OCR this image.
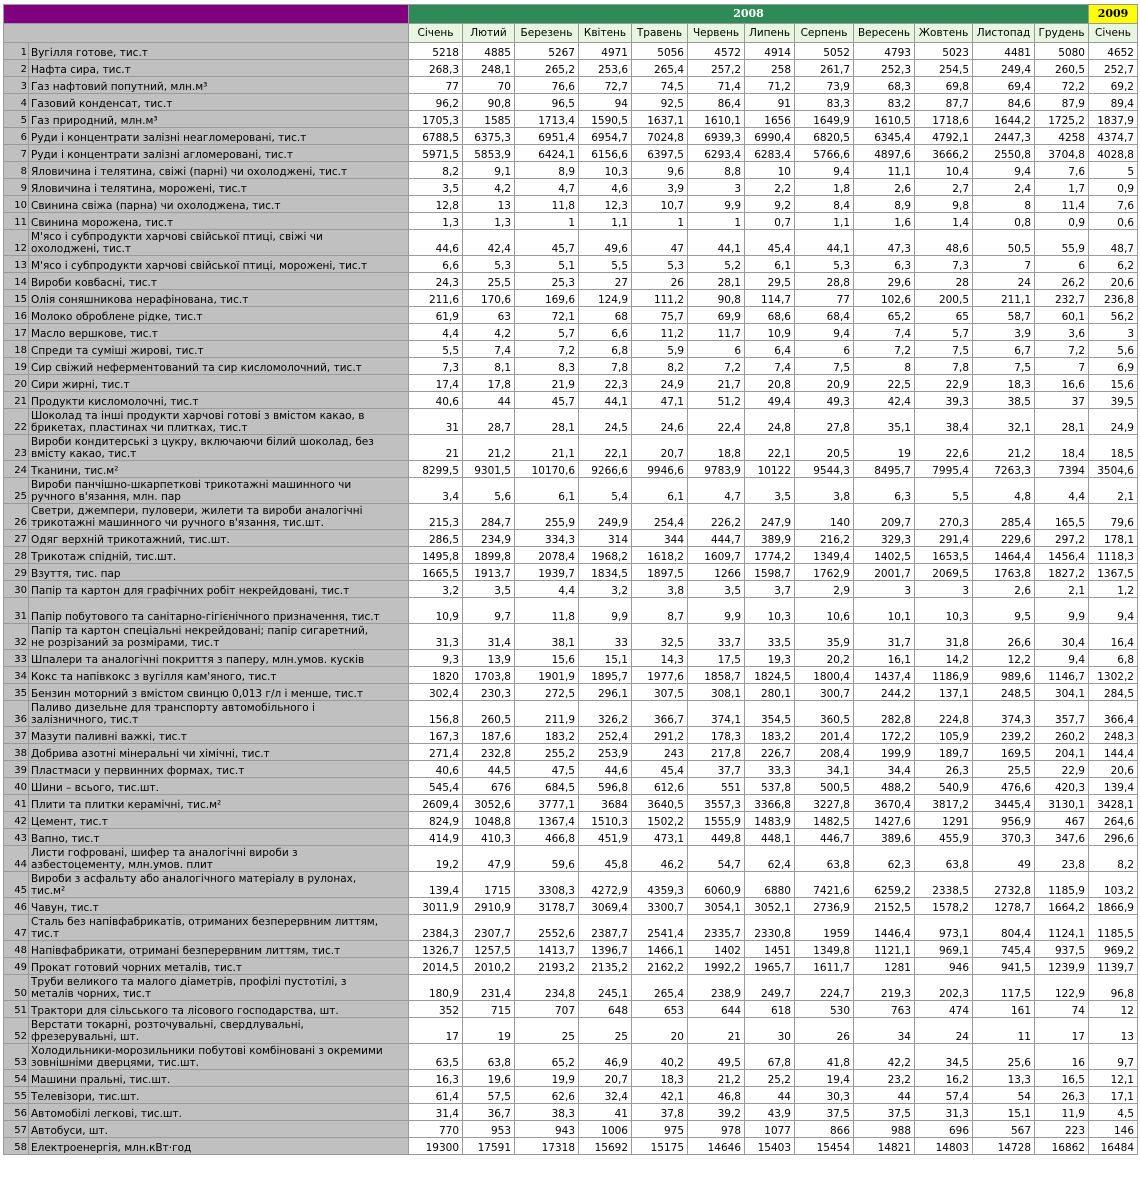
		2008												2009
		Січень	Лютий	Березень	Квітень	Травень	Червень	Липень	Серпень	Вересень	Жовтень	Листопад	Грудень	Січень
1	Вугілля готове, тис.т	5218	4885	5267	4971	5056	4572	4914	5052	4793	5023	4481	5080	4652
2	Нафта сира, тис.т	268,3	248,1	265,2	253,6	265,4	257,2	258	261,7	252,3	254,5	249,4	260,5	252,7
3	Газ нафтовий попутний, млн.м³	77	70	76,6	72,7	74,5	71,4	71,2	73,9	68,3	69,8	69,4	72,2	69,2
4	Газовий конденсат, тис.т	96,2	90,8	96,5	94	92,5	86,4	91	83,3	83,2	87,7	84,6	87,9	89,4
5	Газ природний, млн.м³	1705,3	1585	1713,4	1590,5	1637,1	1610,1	1656	1649,9	1610,5	1718,6	1644,2	1725,2	1837,9
6	Руди і концентрати залізні неагломеровані, тис.т	6788,5	6375,3	6951,4	6954,7	7024,8	6939,3	6990,4	6820,5	6345,4	4792,1	2447,3	4258	4374,7
7	Руди і концентрати залізні агломеровані, тис.т	5971,5	5853,9	6424,1	6156,6	6397,5	6293,4	6283,4	5766,6	4897,6	3666,2	2550,8	3704,8	4028,8
8	Яловичина і телятина, свіжі (парні) чи охолоджені, тис.т	8,2	9,1	8,9	10,3	9,6	8,8	10	9,4	11,1	10,4	9,4	7,6	5
9	Яловичина і телятина, морожені, тис.т	3,5	4,2	4,7	4,6	3,9	3	2,2	1,8	2,6	2,7	2,4	1,7	0,9
10	Свинина свіжа (парна) чи охолоджена, тис.т	12,8	13	11,8	12,3	10,7	9,9	9,2	8,4	8,9	9,8	8	11,4	7,6
11	Свинина морожена, тис.т	1,3	1,3	1	1,1	1	1	0,7	1,1	1,6	1,4	0,8	0,9	0,6
12	М'ясо і субпродукти харчові свійської птиці, свіжі чи
охолоджені, тис.т	44,6	42,4	45,7	49,6	47	44,1	45,4	44,1	47,3	48,6	50,5	55,9	48,7
13	М'ясо і субпродукти харчові свійської птиці, морожені, тис.т	6,6	5,3	5,1	5,5	5,3	5,2	6,1	5,3	6,3	7,3	7	6	6,2
14	Вироби ковбасні, тис.т	24,3	25,5	25,3	27	26	28,1	29,5	28,8	29,6	28	24	26,2	20,6
15	Олія соняшникова нерафінована, тис.т	211,6	170,6	169,6	124,9	111,2	90,8	114,7	77	102,6	200,5	211,1	232,7	236,8
16	Молоко оброблене рідке, тис.т	61,9	63	72,1	68	75,7	69,9	68,6	68,4	65,2	65	58,7	60,1	56,2
17	Масло вершкове, тис.т	4,4	4,2	5,7	6,6	11,2	11,7	10,9	9,4	7,4	5,7	3,9	3,6	3
18	Спреди та суміші жирові, тис.т	5,5	7,4	7,2	6,8	5,9	6	6,4	6	7,2	7,5	6,7	7,2	5,6
19	Сир свіжий неферментований та сир кисломолочний, тис.т	7,3	8,1	8,3	7,8	8,2	7,2	7,4	7,5	8	7,8	7,5	7	6,9
20	Сири жирні, тис.т	17,4	17,8	21,9	22,3	24,9	21,7	20,8	20,9	22,5	22,9	18,3	16,6	15,6
21	Продукти кисломолочні, тис.т	40,6	44	45,7	44,1	47,1	51,2	49,4	49,3	42,4	39,3	38,5	37	39,5
22	Шоколад та інші продукти харчові готові з вмістом какао, в
брикетах, пластинах чи плитках, тис.т	31	28,7	28,1	24,5	24,6	22,4	24,8	27,8	35,1	38,4	32,1	28,1	24,9
23	Вироби кондитерські з цукру, включаючи білий шоколад, без
вмісту какао, тис.т	21	21,2	21,1	22,1	20,7	18,8	22,1	20,5	19	22,6	21,2	18,4	18,5
24	Тканини, тис.м²	8299,5	9301,5	10170,6	9266,6	9946,6	9783,9	10122	9544,3	8495,7	7995,4	7263,3	7394	3504,6
25	Вироби панчішно-шкарпеткові трикотажні машинного чи
ручного в'язання, млн. пар	3,4	5,6	6,1	5,4	6,1	4,7	3,5	3,8	6,3	5,5	4,8	4,4	2,1
26	Светри, джемпери, пуловери, жилети та вироби аналогічні
трикотажні машинного чи ручного в'язання, тис.шт.	215,3	284,7	255,9	249,9	254,4	226,2	247,9	140	209,7	270,3	285,4	165,5	79,6
27	Одяг верхній трикотажний, тис.шт.	286,5	234,9	334,3	314	344	444,7	389,9	216,2	329,3	291,4	229,6	297,2	178,1
28	Трикотаж спідній, тис.шт.	1495,8	1899,8	2078,4	1968,2	1618,2	1609,7	1774,2	1349,4	1402,5	1653,5	1464,4	1456,4	1118,3
29	Взуття, тис. пар	1665,5	1913,7	1939,7	1834,5	1897,5	1266	1598,7	1762,9	2001,7	2069,5	1763,8	1827,2	1367,5
30	Папір та картон для графічних робіт некрейдовані, тис.т	3,2	3,5	4,4	3,2	3,8	3,5	3,7	2,9	3	3	2,6	2,1	1,2
31	Папір побутового та санітарно-гігієнічного призначення, тис.т	10,9	9,7	11,8	9,9	8,7	9,9	10,3	10,6	10,1	10,3	9,5	9,9	9,4
32	Папір та картон спеціальні некрейдовані; папір сигаретний,
не розрізаний за розмірами, тис.т	31,3	31,4	38,1	33	32,5	33,7	33,5	35,9	31,7	31,8	26,6	30,4	16,4
33	Шпалери та аналогічні покриття з паперу, млн.умов. кусків	9,3	13,9	15,6	15,1	14,3	17,5	19,3	20,2	16,1	14,2	12,2	9,4	6,8
34	Кокс та напівкокс з вугілля кам'яного, тис.т	1820	1703,8	1901,9	1895,7	1977,6	1858,7	1824,5	1800,4	1437,4	1186,9	989,6	1146,7	1302,2
35	Бензин моторний з вмістом свинцю 0,013 г/л і менше, тис.т	302,4	230,3	272,5	296,1	307,5	308,1	280,1	300,7	244,2	137,1	248,5	304,1	284,5
36	Паливо дизельне для транспорту автомобільного і
залізничного, тис.т	156,8	260,5	211,9	326,2	366,7	374,1	354,5	360,5	282,8	224,8	374,3	357,7	366,4
37	Мазути паливні важкі, тис.т	167,3	187,6	183,2	252,4	291,2	178,3	183,2	201,4	172,2	105,9	239,2	260,2	248,3
38	Добрива азотні мінеральні чи хімічні, тис.т	271,4	232,8	255,2	253,9	243	217,8	226,7	208,4	199,9	189,7	169,5	204,1	144,4
39	Пластмаси у первинних формах, тис.т	40,6	44,5	47,5	44,6	45,4	37,7	33,3	34,1	34,4	26,3	25,5	22,9	20,6
40	Шини – всього, тис.шт.	545,4	676	684,5	596,8	612,6	551	537,8	500,5	488,2	540,9	476,6	420,3	139,4
41	Плити та плитки керамічні, тис.м²	2609,4	3052,6	3777,1	3684	3640,5	3557,3	3366,8	3227,8	3670,4	3817,2	3445,4	3130,1	3428,1
42	Цемент, тис.т	824,9	1048,8	1367,4	1510,3	1502,2	1555,9	1483,9	1482,5	1427,6	1291	956,9	467	264,6
43	Вапно, тис.т	414,9	410,3	466,8	451,9	473,1	449,8	448,1	446,7	389,6	455,9	370,3	347,6	296,6
44	Листи гофровані, шифер та аналогічні вироби з
азбестоцементу, млн.умов. плит	19,2	47,9	59,6	45,8	46,2	54,7	62,4	63,8	62,3	63,8	49	23,8	8,2
45	Вироби з асфальту або аналогічного матеріалу в рулонах,
тис.м²	139,4	1715	3308,3	4272,9	4359,3	6060,9	6880	7421,6	6259,2	2338,5	2732,8	1185,9	103,2
46	Чавун, тис.т	3011,9	2910,9	3178,7	3069,4	3300,7	3054,1	3052,1	2736,9	2152,5	1578,2	1278,7	1664,2	1866,9
47	Сталь без напівфабрикатів, отриманих безперервним литтям,
тис.т	2384,3	2307,7	2552,6	2387,7	2541,4	2335,7	2330,8	1959	1446,4	973,1	804,4	1124,1	1185,5
48	Напівфабрикати, отримані безперервним литтям, тис.т	1326,7	1257,5	1413,7	1396,7	1466,1	1402	1451	1349,8	1121,1	969,1	745,4	937,5	969,2
49	Прокат готовий чорних металів, тис.т	2014,5	2010,2	2193,2	2135,2	2162,2	1992,2	1965,7	1611,7	1281	946	941,5	1239,9	1139,7
50	Труби великого та малого діаметрів, профілі пустотілі, з
металів чорних, тис.т	180,9	231,4	234,8	245,1	265,4	238,9	249,7	224,7	219,3	202,3	117,5	122,9	96,8
51	Трактори для сільського та лісового господарства, шт.	352	715	707	648	653	644	618	530	763	474	161	74	12
52	Верстати токарні, розточувальні, свердлувальні,
фрезерувальні, шт.	17	19	25	25	20	21	30	26	34	24	11	17	13
53	Холодильники-морозильники побутові комбіновані з окремими
зовнішніми дверцями, тис.шт.	63,5	63,8	65,2	46,9	40,2	49,5	67,8	41,8	42,2	34,5	25,6	16	9,7
54	Машини пральні, тис.шт.	16,3	19,6	19,9	20,7	18,3	21,2	25,2	19,4	23,2	16,2	13,3	16,5	12,1
55	Телевізори, тис.шт.	61,4	57,5	62,6	32,4	42,1	46,8	44	30,3	44	57,4	54	26,3	17,1
56	Автомобілі легкові, тис.шт.	31,4	36,7	38,3	41	37,8	39,2	43,9	37,5	37,5	31,3	15,1	11,9	4,5
57	Автобуси, шт.	770	953	943	1006	975	978	1077	866	988	696	567	223	146
58	Електроенергія, млн.кВт·год	19300	17591	17318	15692	15175	14646	15403	15454	14821	14803	14728	16862	16484
